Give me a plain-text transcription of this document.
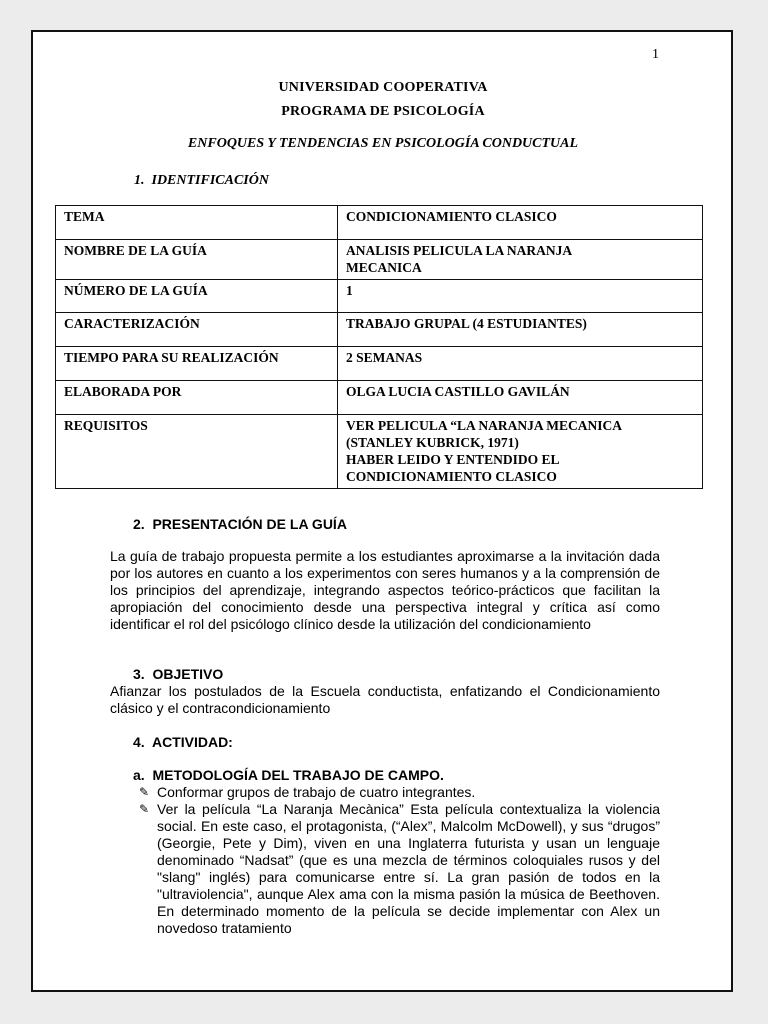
1
UNIVERSIDAD COOPERATIVA
PROGRAMA DE PSICOLOGÍA
ENFOQUES Y TENDENCIAS EN PSICOLOGÍA CONDUCTUAL
1. IDENTIFICACIÓN
TEMA	CONDICIONAMIENTO CLASICO

NOMBRE DE LA GUÍA	ANALISIS PELICULA LA NARANJA
MECANICA

NÚMERO DE LA GUÍA	1

CARACTERIZACIÓN	TRABAJO GRUPAL (4 ESTUDIANTES)

TIEMPO PARA SU REALIZACIÓN	2 SEMANAS

ELABORADA POR	OLGA LUCIA CASTILLO GAVILÁN

REQUISITOS	VER PELICULA “LA NARANJA MECANICA
(STANLEY KUBRICK, 1971)
HABER LEIDO Y ENTENDIDO EL
CONDICIONAMIENTO CLASICO
2. PRESENTACIÓN DE LA GUÍA
La guía de trabajo propuesta permite a los estudiantes aproximarse a la invitación dada por los autores en cuanto a los experimentos con seres humanos y a la comprensión de los principios del aprendizaje, integrando aspectos teórico-prácticos que facilitan la apropiación del conocimiento desde una perspectiva integral y crítica así como identificar el rol del psicólogo clínico desde la utilización del condicionamiento
3. OBJETIVO
Afianzar los postulados de la Escuela conductista, enfatizando el Condicionamiento clásico y el contracondicionamiento
4. ACTIVIDAD:
a. METODOLOGÍA DEL TRABAJO DE CAMPO.
✎ Conformar grupos de trabajo de cuatro integrantes.
✎ Ver la película “La Naranja Mecànica” Esta película contextualiza la violencia social. En este caso, el protagonista, (“Alex”, Malcolm McDowell), y sus “drugos” (Georgie, Pete y Dim), viven en una Inglaterra futurista y usan un lenguaje denominado “Nadsat” (que es una mezcla de términos coloquiales rusos y del "slang" inglés) para comunicarse entre sí. La gran pasión de todos en la "ultraviolencia", aunque Alex ama con la misma pasión la música de Beethoven. En determinado momento de la película se decide implementar con Alex un novedoso tratamiento
